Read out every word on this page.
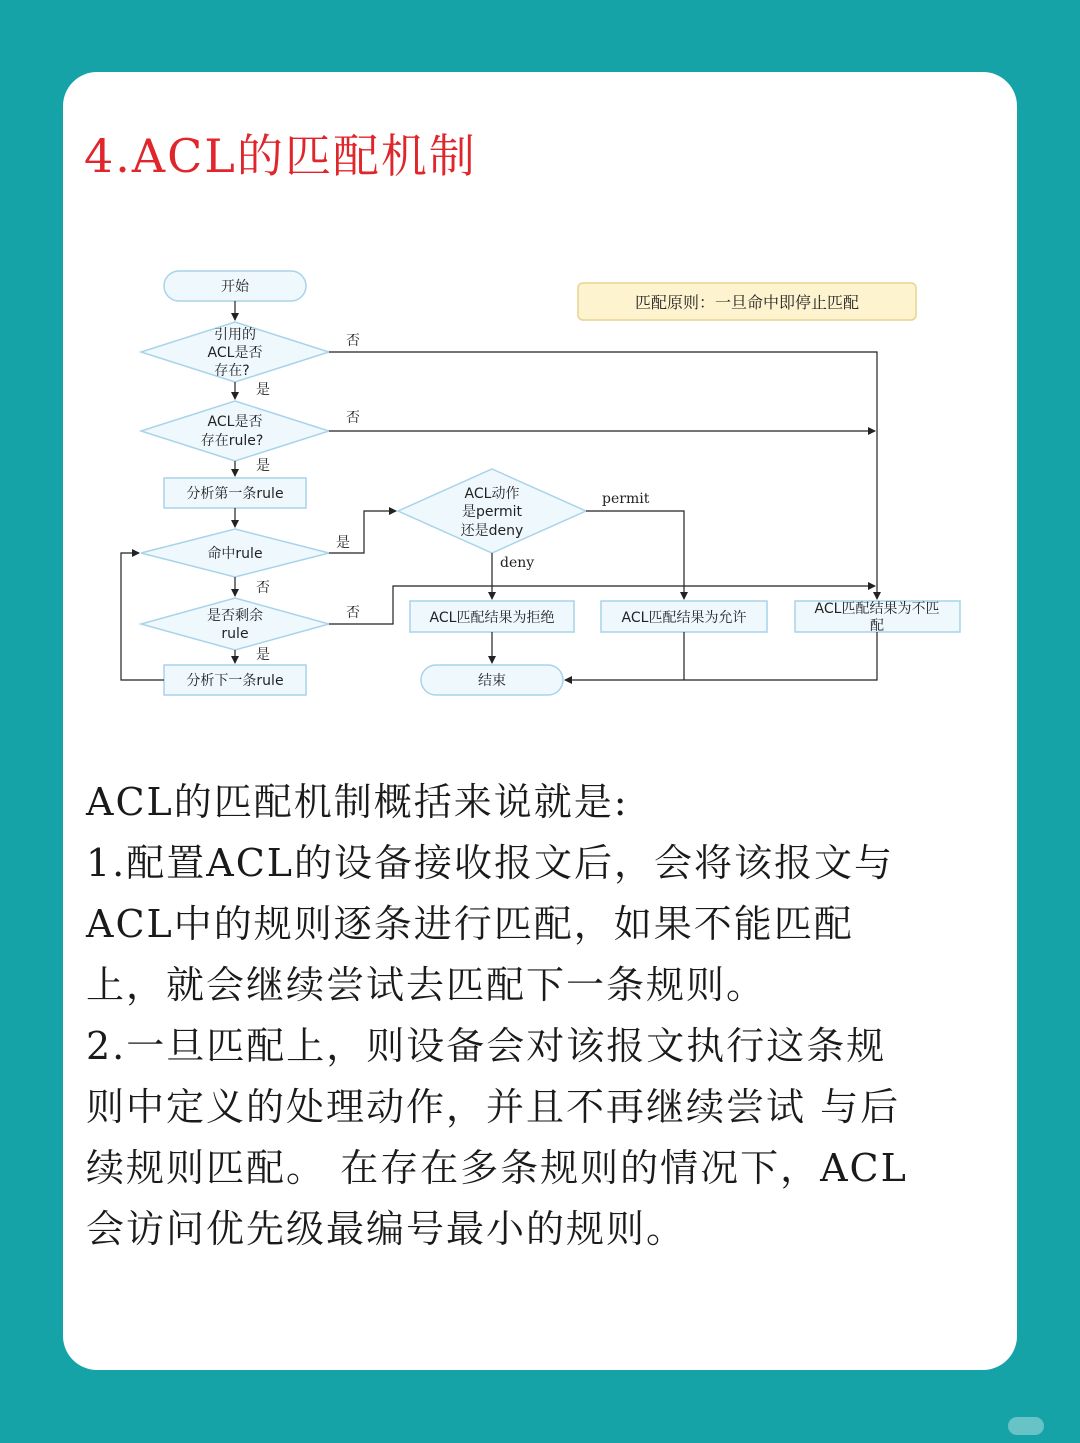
4.ACL的匹配机制
匹配原则：一旦命中即停止匹配
开始
引用的
ACL是否
存在?
ACL是否
存在rule?
分析第一条rule
命中rule
是否剩余
rule
分析下一条rule
ACL动作
是permit
还是deny
ACL匹配结果为拒绝	ACL匹配结果为允许
ACL匹配结果为不匹
配
结束
否
是
否
是
是
否
否
是
permit
deny

ACL的匹配机制概括来说就是:

1.配置ACL的设备接收报文后，会将该报文与

ACL中的规则逐条进行匹配，如果不能匹配

上，就会继续尝试去匹配下一条规则。

2.一旦匹配上，则设备会对该报文执行这条规

则中定义的处理动作，并且不再继续尝试 与后

续规则匹配。 在存在多条规则的情况下，ACL

会访问优先级最编号最小的规则。
